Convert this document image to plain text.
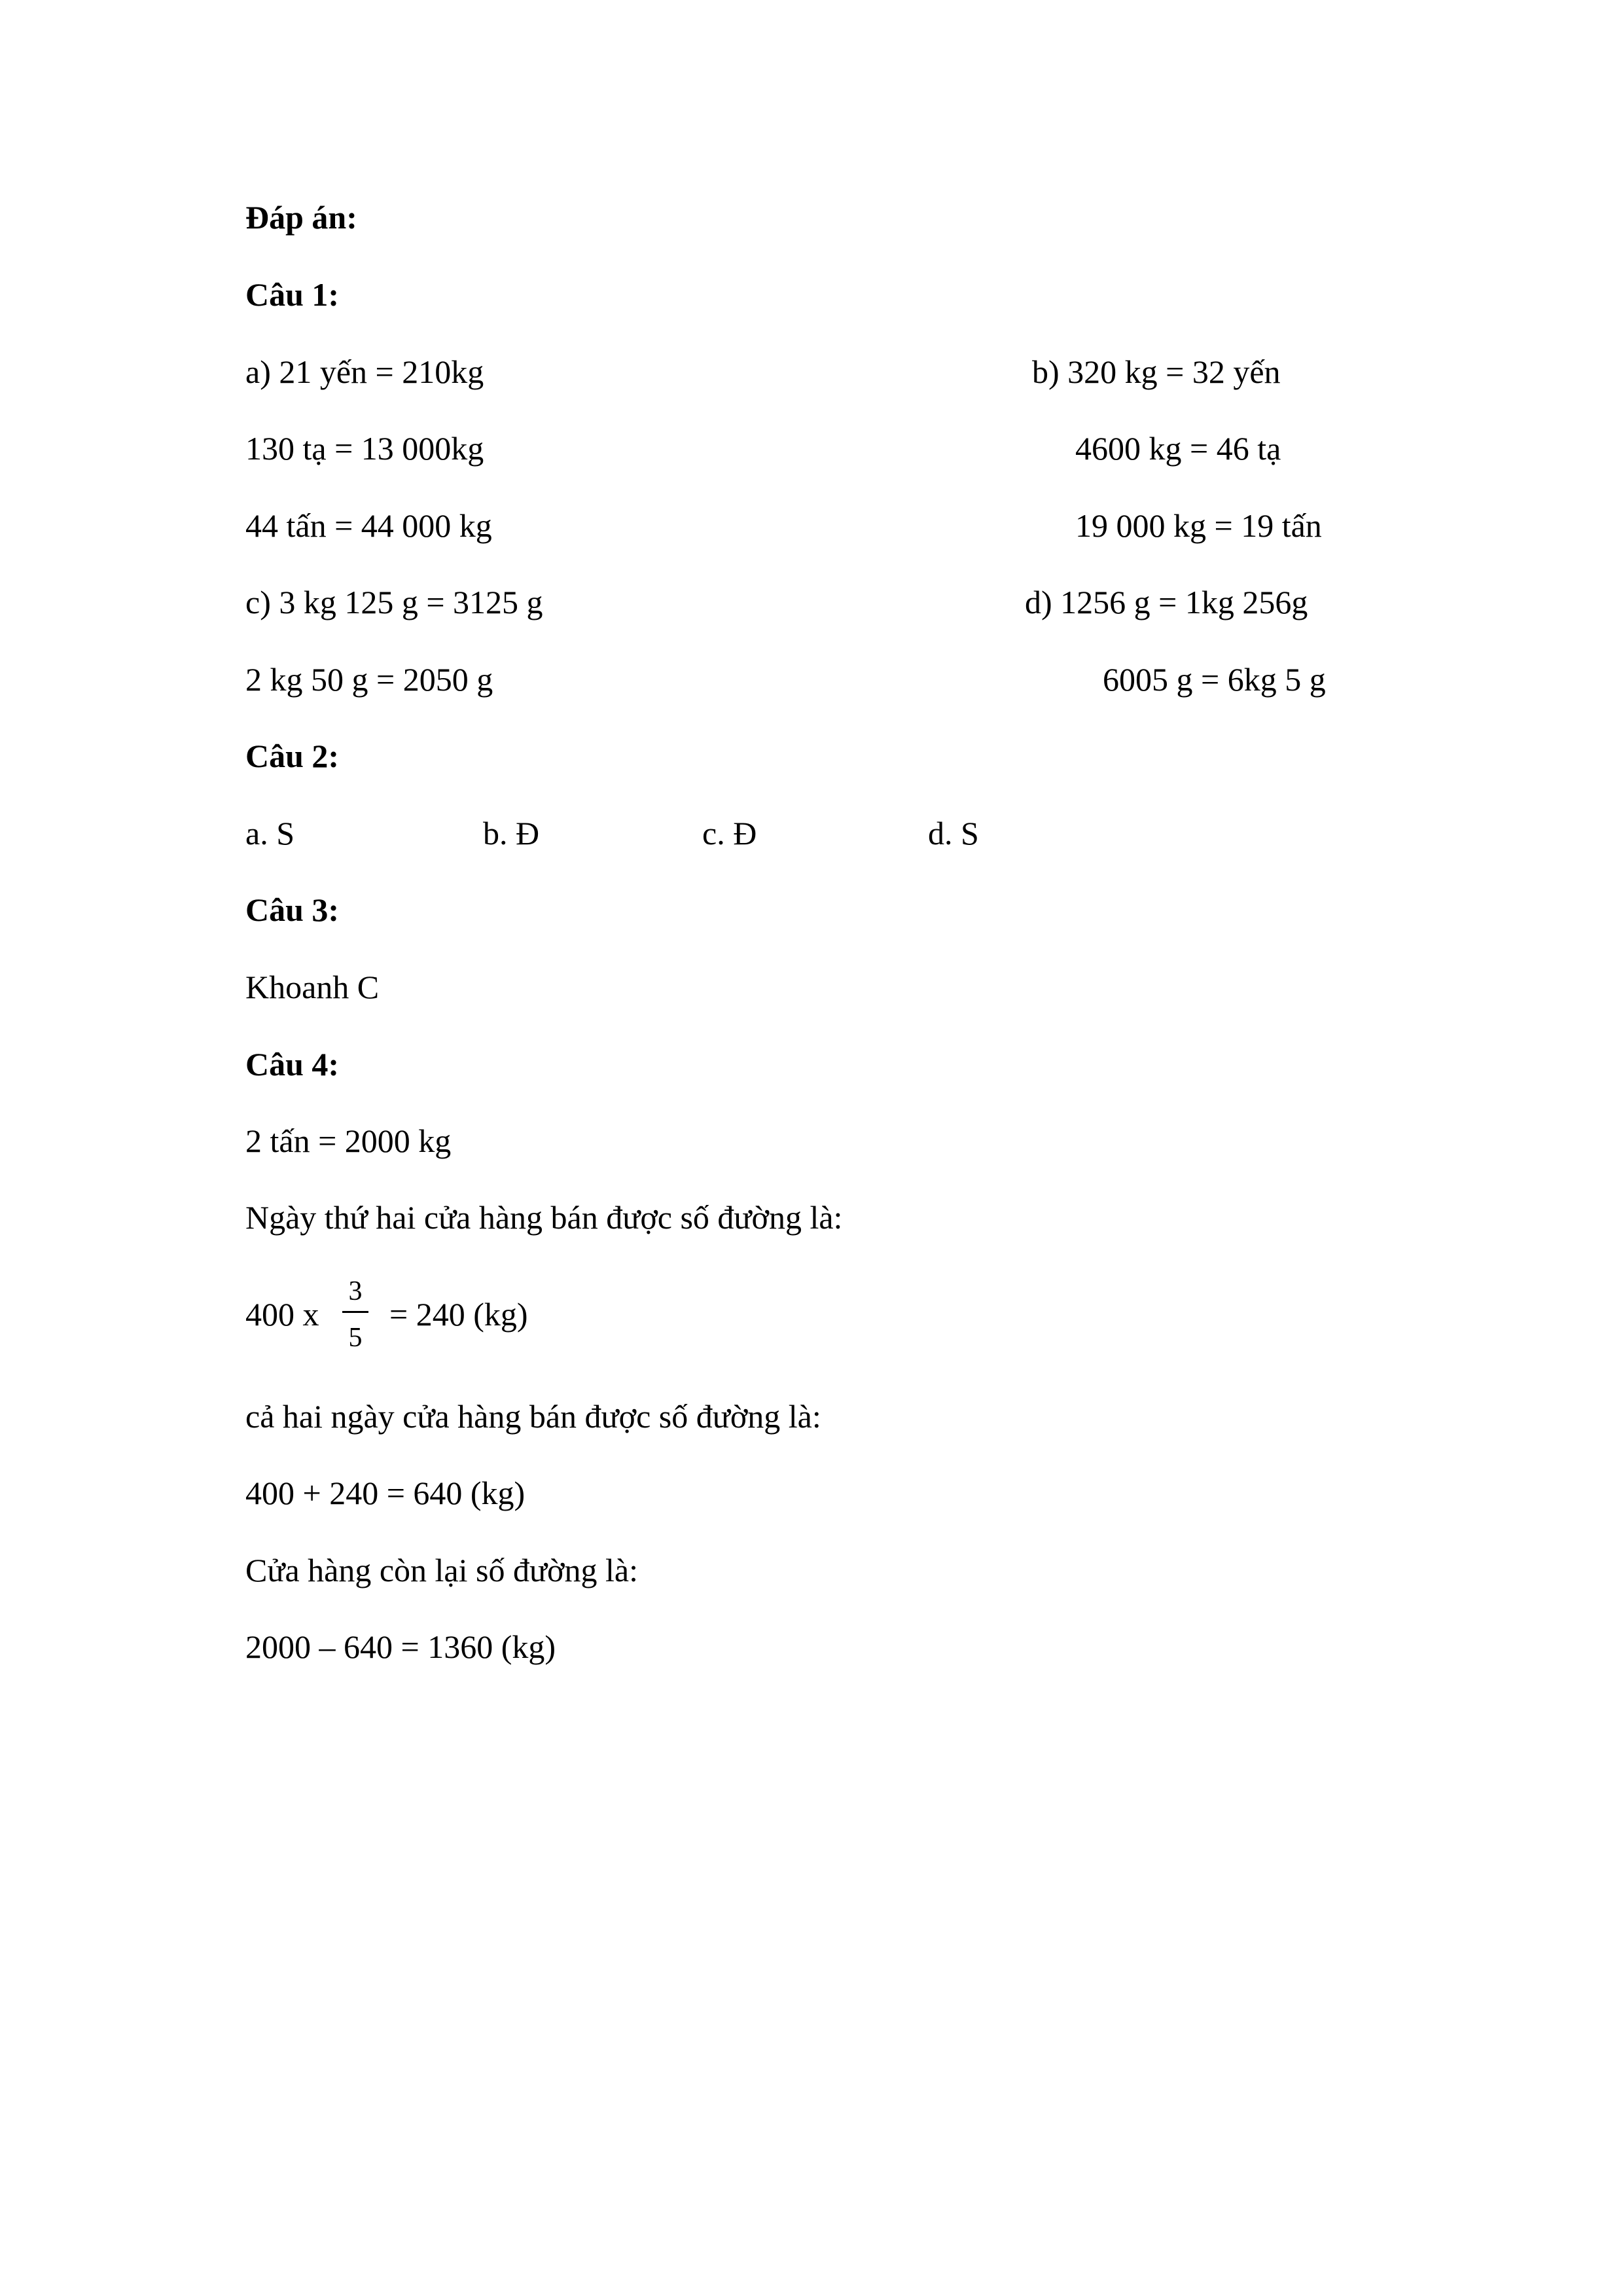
Đáp án:
Câu 1:
a) 21 yến = 210kg	b) 320 kg = 32 yến
130 tạ = 13 000kg	4600 kg = 46 tạ
44 tấn = 44 000 kg	19 000 kg = 19 tấn
c) 3 kg 125 g = 3125 g	d) 1256 g = 1kg 256g
2 kg 50 g = 2050 g	6005 g = 6kg 5 g
Câu 2:
a. S	b. Đ	c. Đ	d. S
Câu 3:
Khoanh C
Câu 4:
2 tấn = 2000 kg
Ngày thứ hai cửa hàng bán được số đường là:
400 x
3
5
= 240 (kg)
cả hai ngày cửa hàng bán được số đường là:
400 + 240 = 640 (kg)
Cửa hàng còn lại số đường là:
2000 – 640 = 1360 (kg)
